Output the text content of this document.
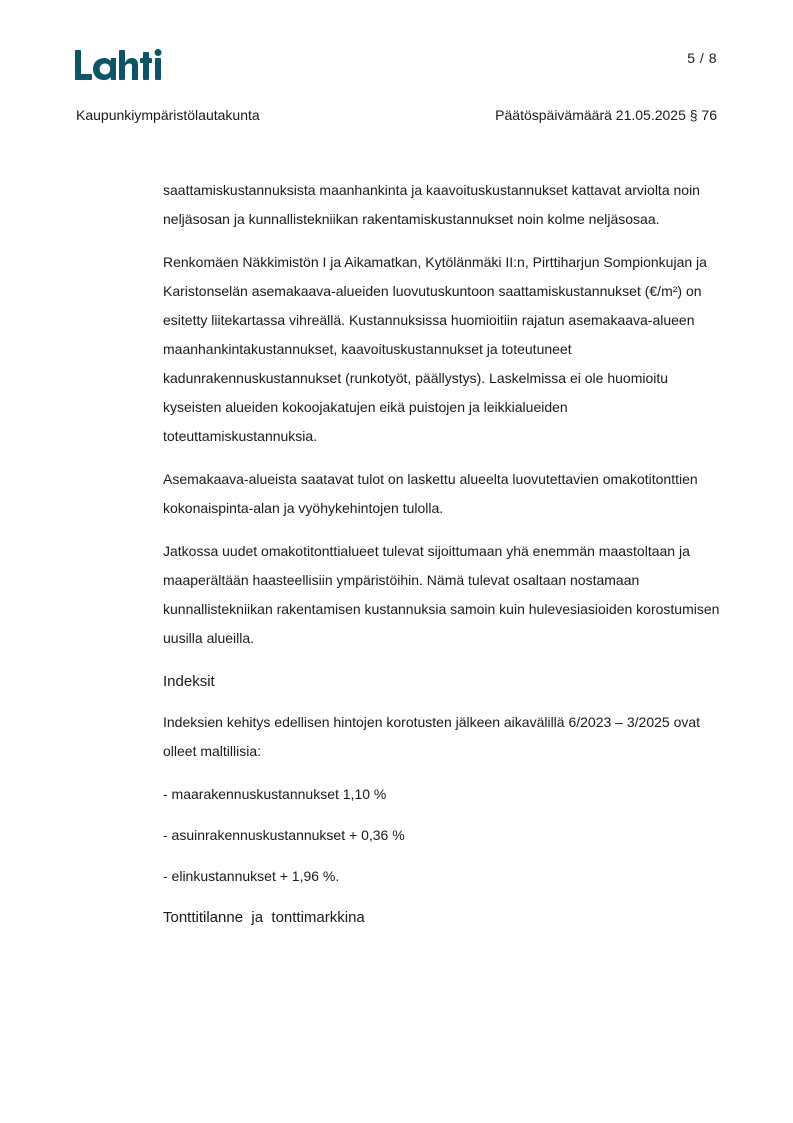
5 / 8
Kaupunkiympäristölautakunta	Päätöspäivämäärä 21.05.2025 § 76

saattamiskustannuksista maanhankinta ja kaavoituskustannukset kattavat arviolta noin neljäsosan ja kunnallistekniikan rakentamiskustannukset noin kolme neljäsosaa.

Renkomäen Näkkimistön I ja Aikamatkan, Kytölänmäki II:n, Pirttiharjun Sompionkujan ja Karistonselän asemakaava-alueiden luovutuskuntoon saattamiskustannukset (€/m²) on esitetty liitekartassa vihreällä. Kustannuksissa huomioitiin rajatun asemakaava-alueen maanhankintakustannukset, kaavoituskustannukset ja toteutuneet kadunrakennuskustannukset (runkotyöt, päällystys). Laskelmissa ei ole huomioitu kyseisten alueiden kokoojakatujen eikä puistojen ja leikkialueiden toteuttamiskustannuksia.

Asemakaava-alueista saatavat tulot on laskettu alueelta luovutettavien omakotitonttien kokonaispinta-alan ja vyöhykehintojen tulolla.

Jatkossa uudet omakotitonttialueet tulevat sijoittumaan yhä enemmän maastoltaan ja maaperältään haasteellisiin ympäristöihin. Nämä tulevat osaltaan nostamaan kunnallistekniikan rakentamisen kustannuksia samoin kuin hulevesiasioiden korostumisen uusilla alueilla.

Indeksit

Indeksien kehitys edellisen hintojen korotusten jälkeen aikavälillä 6/2023 – 3/2025 ovat olleet maltillisia:

- maarakennuskustannukset 1,10 %
- asuinrakennuskustannukset + 0,36 %
- elinkustannukset + 1,96 %.
Tonttitilanne  ja  tonttimarkkina
